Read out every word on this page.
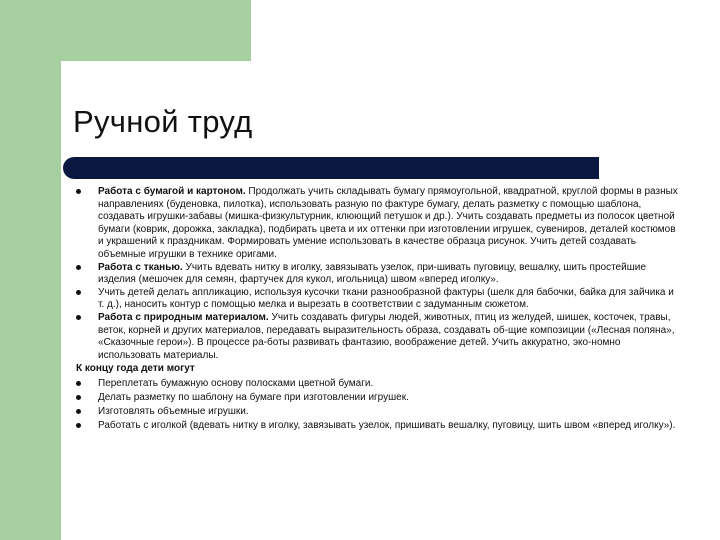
Ручной труд

Работа с бумагой и картоном. Продолжать учить складывать бумагу прямоугольной, квадратной, круглой формы в разных направлениях (буденовка, пилотка), использовать разную по фактуре бумагу, делать разметку с помощью шаблона, создавать игрушки-забавы (мишка-физкультурник, клюющий петушок и др.). Учить создавать предметы из полосок цветной бумаги (коврик, дорожка, закладка), подбирать цвета и их оттенки при изготовлении игрушек, сувениров, деталей костюмов и украшений к праздникам. Формировать умение использовать в качестве образца рисунок. Учить детей создавать объемные игрушки в технике оригами.

Работа с тканью. Учить вдевать нитку в иголку, завязывать узелок, при-шивать пуговицу, вешалку, шить простейшие изделия (мешочек для семян, фартучек для кукол, игольница) швом «вперед иголку».

Учить детей делать аппликацию, используя кусочки ткани разнообразной фактуры (шелк для бабочки, байка для зайчика и т. д.), наносить контур с помощью мелка и вырезать в соответствии с задуманным сюжетом.

Работа с природным материалом. Учить создавать фигуры людей, животных, птиц из желудей, шишек, косточек, травы, веток, корней и других материалов, передавать выразительность образа, создавать об-щие композиции («Лесная поляна», «Сказочные герои»). В процессе ра-боты развивать фантазию, воображение детей. Учить аккуратно, эко-номно использовать материалы.

К концу года дети могут

Переплетать бумажную основу полосками цветной бумаги.

Делать разметку по шаблону на бумаге при изготовлении игрушек.

Изготовлять объемные игрушки.

Работать с иголкой (вдевать нитку в иголку, завязывать узелок, пришивать вешалку, пуговицу, шить швом «вперед иголку»).
